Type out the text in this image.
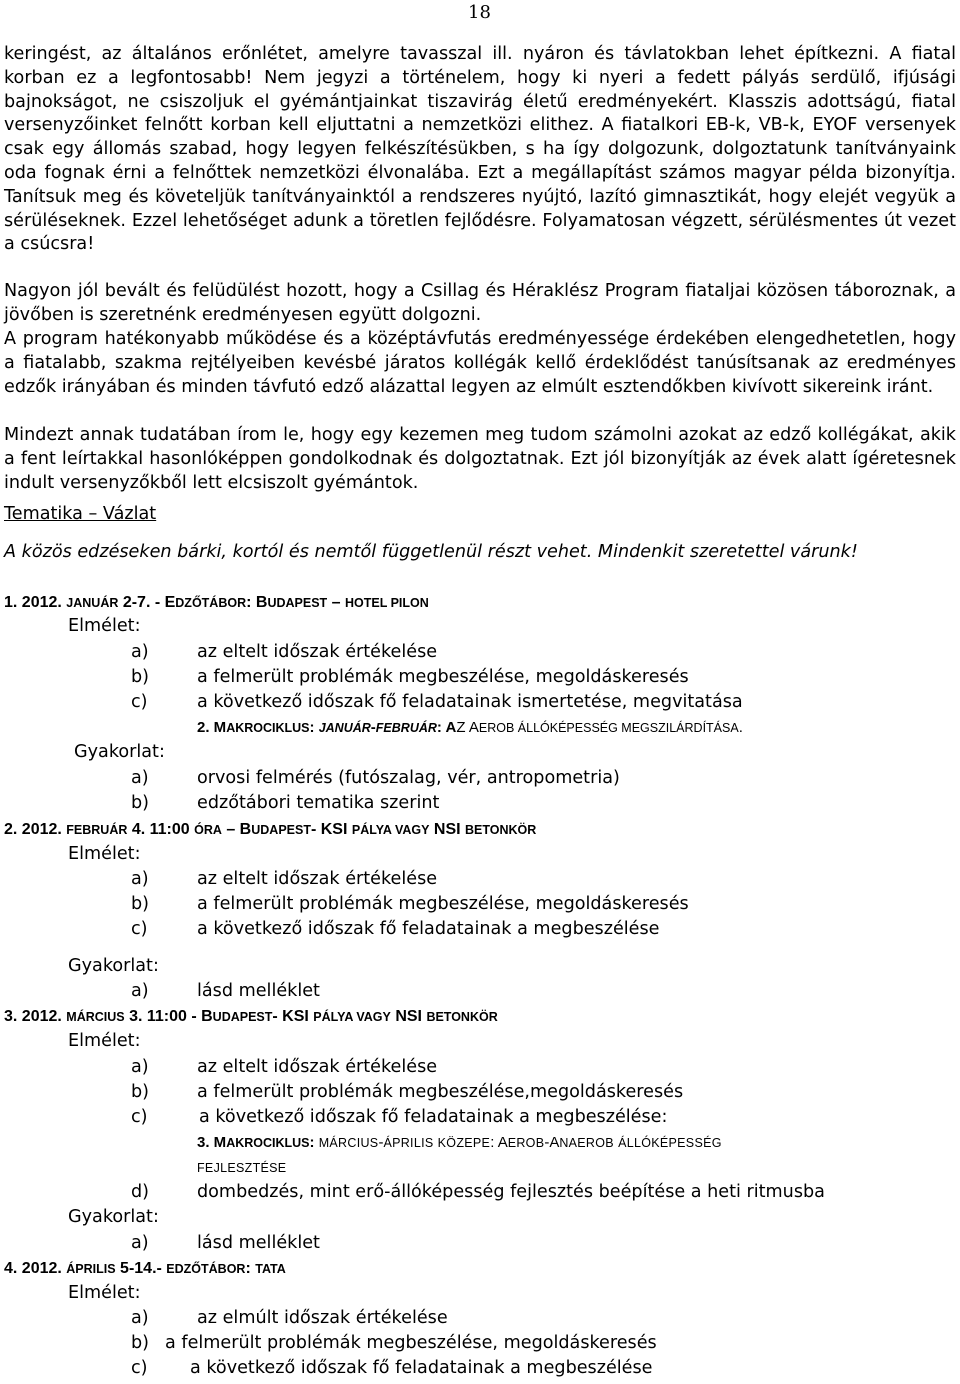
18

keringést, az általános erőnlétet, amelyre tavasszal ill. nyáron és távlatokban lehet építkezni. A fiatal korban ez a legfontosabb! Nem jegyzi a történelem, hogy ki nyeri a fedett pályás serdülő, ifjúsági bajnokságot, ne csiszoljuk el gyémántjainkat tiszavirág életű eredményekért. Klasszis adottságú, fiatal versenyzőinket felnőtt korban kell eljuttatni a nemzetközi elithez. A fiatalkori EB-k, VB-k, EYOF versenyek csak egy állomás szabad, hogy legyen felkészítésükben, s ha így dolgozunk, dolgoztatunk tanítványaink oda fognak érni a felnőttek nemzetközi élvonalába. Ezt a megállapítást számos magyar példa bizonyítja. Tanítsuk meg és követeljük tanítványainktól a rendszeres nyújtó, lazító gimnasztikát, hogy elejét vegyük a sérüléseknek. Ezzel lehetőséget adunk a töretlen fejlődésre. Folyamatosan végzett, sérülésmentes út vezet a csúcsra!

Nagyon jól bevált és felüdülést hozott, hogy a Csillag és Héraklész Program fiataljai közösen táboroznak, a jövőben is szeretnénk eredményesen együtt dolgozni.

A program hatékonyabb működése és a középtávfutás eredményessége érdekében elengedhetetlen, hogy a fiatalabb, szakma rejtélyeiben kevésbé járatos kollégák kellő érdeklődést tanúsítsanak az eredményes edzők irányában és minden távfutó edző alázattal legyen az elmúlt esztendőkben kivívott sikereink iránt.

Mindezt annak tudatában írom le, hogy egy kezemen meg tudom számolni azokat az edző kollégákat, akik a fent leírtakkal hasonlóképpen gondolkodnak és dolgoztatnak. Ezt jól bizonyítják az évek alatt ígéretesnek indult versenyzőkből lett elcsiszolt gyémántok.

Tematika – Vázlat
A közös edzéseken bárki, kortól és nemtől függetlenül részt vehet. Mindenkit szeretettel várunk!
1. 2012. JANUÁR 2-7. - EDZŐTÁBOR: BUDAPEST – HOTEL PILON
Elmélet:
a)	az eltelt időszak értékelése
b)	a felmerült problémák megbeszélése, megoldáskeresés
c)	a következő időszak fő feladatainak ismertetése, megvitatása
2. MAKROCIKLUS: JANUÁR-FEBRUÁR: AZ AEROB ÁLLÓKÉPESSÉG MEGSZILÁRDÍTÁSA.
Gyakorlat:
a)	orvosi felmérés (futószalag, vér, antropometria)
b)	edzőtábori tematika szerint
2. 2012. FEBRUÁR 4. 11:00 ÓRA – BUDAPEST- KSI PÁLYA VAGY NSI BETONKÖR
Elmélet:
a)	az eltelt időszak értékelése
b)	a felmerült problémák megbeszélése, megoldáskeresés
c)	a következő időszak fő feladatainak a megbeszélése
Gyakorlat:
a)	lásd melléklet
3. 2012. MÁRCIUS 3. 11:00 - BUDAPEST- KSI PÁLYA VAGY NSI BETONKÖR
Elmélet:
a)	az eltelt időszak értékelése
b)	a felmerült problémák megbeszélése,megoldáskeresés
c)	a következő időszak fő feladatainak a megbeszélése:
3. MAKROCIKLUS: MÁRCIUS-ÁPRILIS KÖZEPE: AEROB-ANAEROB ÁLLÓKÉPESSÉG
FEJLESZTÉSE
d)	dombedzés, mint erő-állóképesség fejlesztés beépítése a heti ritmusba
Gyakorlat:
a)	lásd melléklet
4. 2012. ÁPRILIS 5-14.- EDZŐTÁBOR: TATA
Elmélet:
a)	az elmúlt időszak értékelése
b) a felmerült problémák megbeszélése, megoldáskeresés
c) a következő időszak fő feladatainak a megbeszélése
